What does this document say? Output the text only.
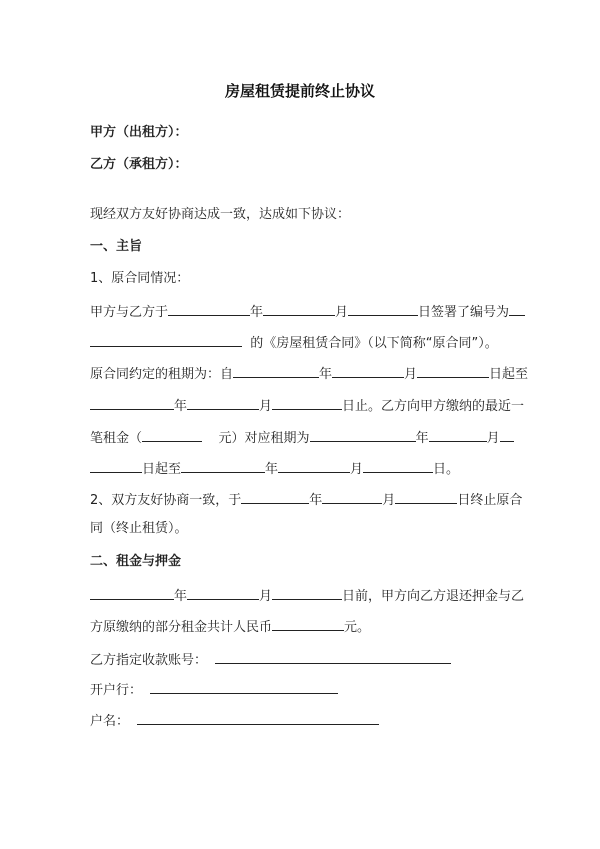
房屋租赁提前终止协议
甲方（出租方）：
乙方（承租方）：
现经双方友好协商达成一致，达成如下协议：
一、主旨
1、原合同情况：
甲方与乙方于	年	月	日签署了编号为
的《房屋租赁合同》（以下简称“原合同”）。
原合同约定的租期为：自	年	月	日起至
年	月	日止。乙方向甲方缴纳的最近一
笔租金（	元）对应租期为	年	月
日起至	年	月	日。
2、双方友好协商一致，于	年	月	日终止原合
同（终止租赁）。
二、租金与押金
年	月	日前，甲方向乙方退还押金与乙
方原缴纳的部分租金共计人民币	元。
乙方指定收款账号：
开户行：
户名：
